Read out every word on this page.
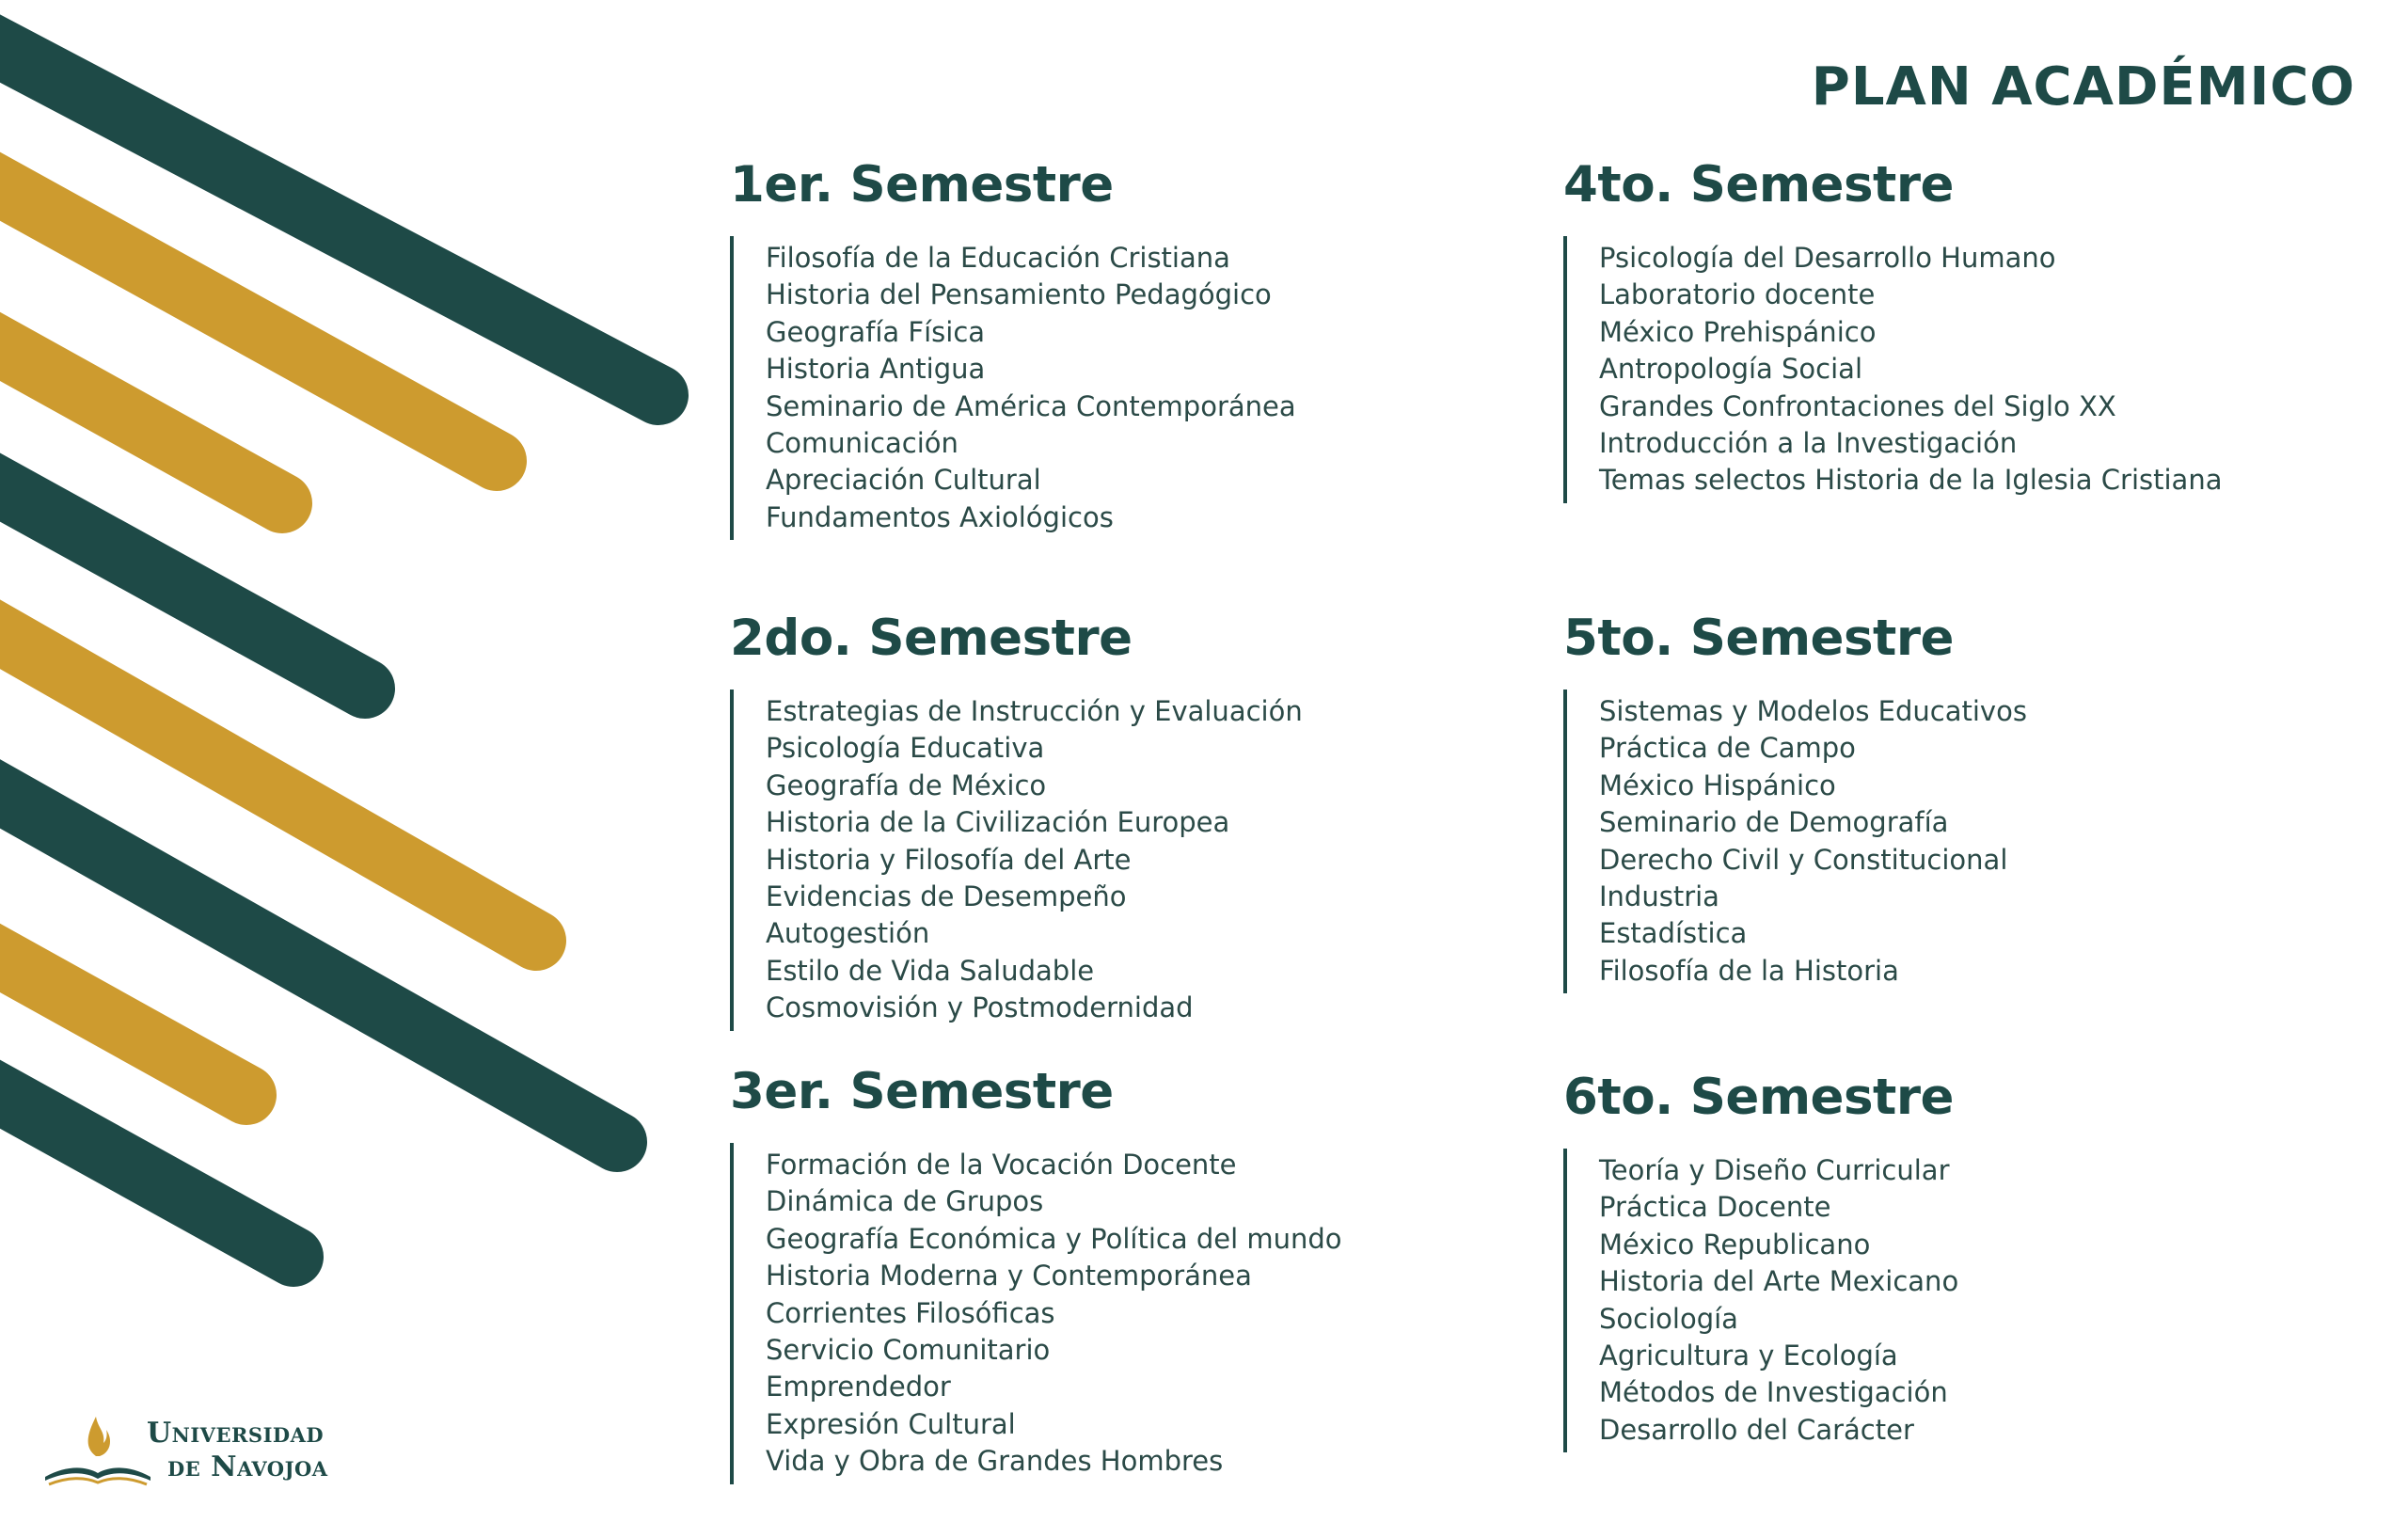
PLAN ACADÉMICO
1er. Semestre
Filosofía de la Educación Cristiana
Historia del Pensamiento Pedagógico
Geografía Física
Historia Antigua
Seminario de América Contemporánea
Comunicación
Apreciación Cultural
Fundamentos Axiológicos
2do. Semestre
Estrategias de Instrucción y Evaluación
Psicología Educativa
Geografía de México
Historia de la Civilización Europea
Historia y Filosofía del Arte
Evidencias de Desempeño
Autogestión
Estilo de Vida Saludable
Cosmovisión y Postmodernidad
3er. Semestre
Formación de la Vocación Docente
Dinámica de Grupos
Geografía Económica y Política del mundo
Historia Moderna y Contemporánea
Corrientes Filosóficas
Servicio Comunitario
Emprendedor
Expresión Cultural
Vida y Obra de Grandes Hombres
4to. Semestre
Psicología del Desarrollo Humano
Laboratorio docente
México Prehispánico
Antropología Social
Grandes Confrontaciones del Siglo XX
Introducción a la Investigación
Temas selectos Historia de la Iglesia Cristiana
5to. Semestre
Sistemas y Modelos Educativos
Práctica de Campo
México Hispánico
Seminario de Demografía
Derecho Civil y Constitucional
Industria
Estadística
Filosofía de la Historia
6to. Semestre
Teoría y Diseño Curricular
Práctica Docente
México Republicano
Historia del Arte Mexicano
Sociología
Agricultura y Ecología
Métodos de Investigación
Desarrollo del Carácter
Universidad
de Navojoa
